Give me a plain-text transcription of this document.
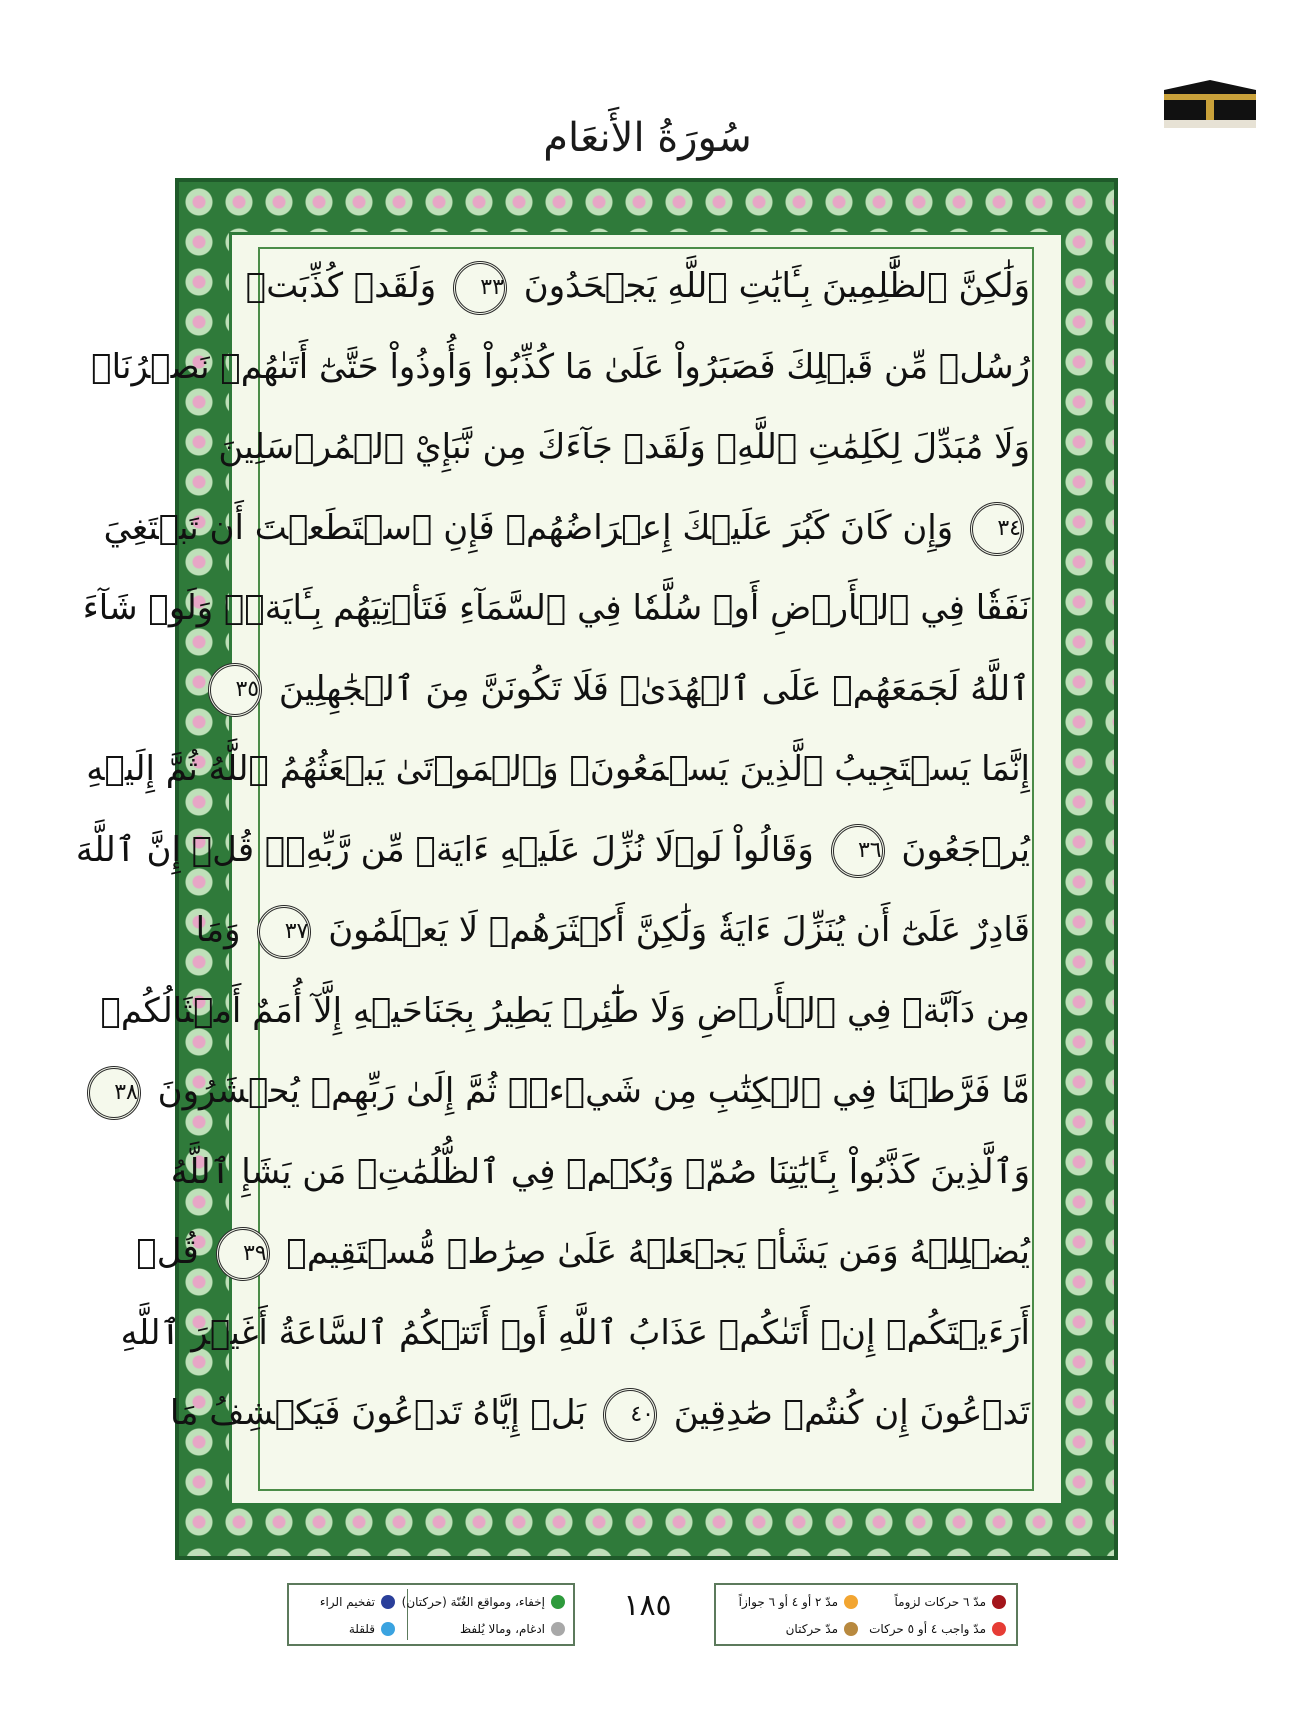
سُورَةُ الأَنعَام
وَلَٰكِنَّ ٱلظَّٰلِمِينَ بِـَٔايَٰتِ ٱللَّهِ يَجۡحَدُونَ ٣٣ وَلَقَدۡ كُذِّبَتۡ
رُسُلٞ مِّن قَبۡلِكَ فَصَبَرُواْ عَلَىٰ مَا كُذِّبُواْ وَأُوذُواْ حَتَّىٰٓ أَتَىٰهُمۡ نَصۡرُنَاۚ
وَلَا مُبَدِّلَ لِكَلِمَٰتِ ٱللَّهِۚ وَلَقَدۡ جَآءَكَ مِن نَّبَإِيْ ٱلۡمُرۡسَلِينَ
٣٤ وَإِن كَانَ كَبُرَ عَلَيۡكَ إِعۡرَاضُهُمۡ فَإِنِ ٱسۡتَطَعۡتَ أَن تَبۡتَغِيَ
نَفَقٗا فِي ٱلۡأَرۡضِ أَوۡ سُلَّمٗا فِي ٱلسَّمَآءِ فَتَأۡتِيَهُم بِـَٔايَةٖۚ وَلَوۡ شَآءَ
ٱللَّهُ لَجَمَعَهُمۡ عَلَى ٱلۡهُدَىٰۚ فَلَا تَكُونَنَّ مِنَ ٱلۡجَٰهِلِينَ ٣٥
إِنَّمَا يَسۡتَجِيبُ ٱلَّذِينَ يَسۡمَعُونَۘ وَٱلۡمَوۡتَىٰ يَبۡعَثُهُمُ ٱللَّهُ ثُمَّ إِلَيۡهِ
يُرۡجَعُونَ ٣٦ وَقَالُواْ لَوۡلَا نُزِّلَ عَلَيۡهِ ءَايَةٞ مِّن رَّبِّهِۦۚ قُلۡ إِنَّ ٱللَّهَ
قَادِرٌ عَلَىٰٓ أَن يُنَزِّلَ ءَايَةٗ وَلَٰكِنَّ أَكۡثَرَهُمۡ لَا يَعۡلَمُونَ ٣٧ وَمَا
مِن دَآبَّةٖ فِي ٱلۡأَرۡضِ وَلَا طَٰٓئِرٖ يَطِيرُ بِجَنَاحَيۡهِ إِلَّآ أُمَمٌ أَمۡثَالُكُمۚ
مَّا فَرَّطۡنَا فِي ٱلۡكِتَٰبِ مِن شَيۡءٖۚ ثُمَّ إِلَىٰ رَبِّهِمۡ يُحۡشَرُونَ ٣٨
وَٱلَّذِينَ كَذَّبُواْ بِـَٔايَٰتِنَا صُمّٞ وَبُكۡمٞ فِي ٱلظُّلُمَٰتِۗ مَن يَشَإِ ٱللَّهُ
يُضۡلِلۡهُ وَمَن يَشَأۡ يَجۡعَلۡهُ عَلَىٰ صِرَٰطٖ مُّسۡتَقِيمٖ ٣٩ قُلۡ
أَرَءَيۡتَكُمۡ إِنۡ أَتَىٰكُمۡ عَذَابُ ٱللَّهِ أَوۡ أَتَتۡكُمُ ٱلسَّاعَةُ أَغَيۡرَ ٱللَّهِ
تَدۡعُونَ إِن كُنتُمۡ صَٰدِقِينَ ٤٠ بَلۡ إِيَّاهُ تَدۡعُونَ فَيَكۡشِفُ مَا
مدّ ٦ حركات لزوماً
مدّ ٢ أو ٤ أو ٦ جوازاً
مدّ واجب ٤ أو ٥ حركات
مدّ حركتان
١٨٥
إخفاء، ومواقع الغُنّة (حركتان)
ادغام، ومالا يُلفظ
تفخيم الراء
قلقلة
